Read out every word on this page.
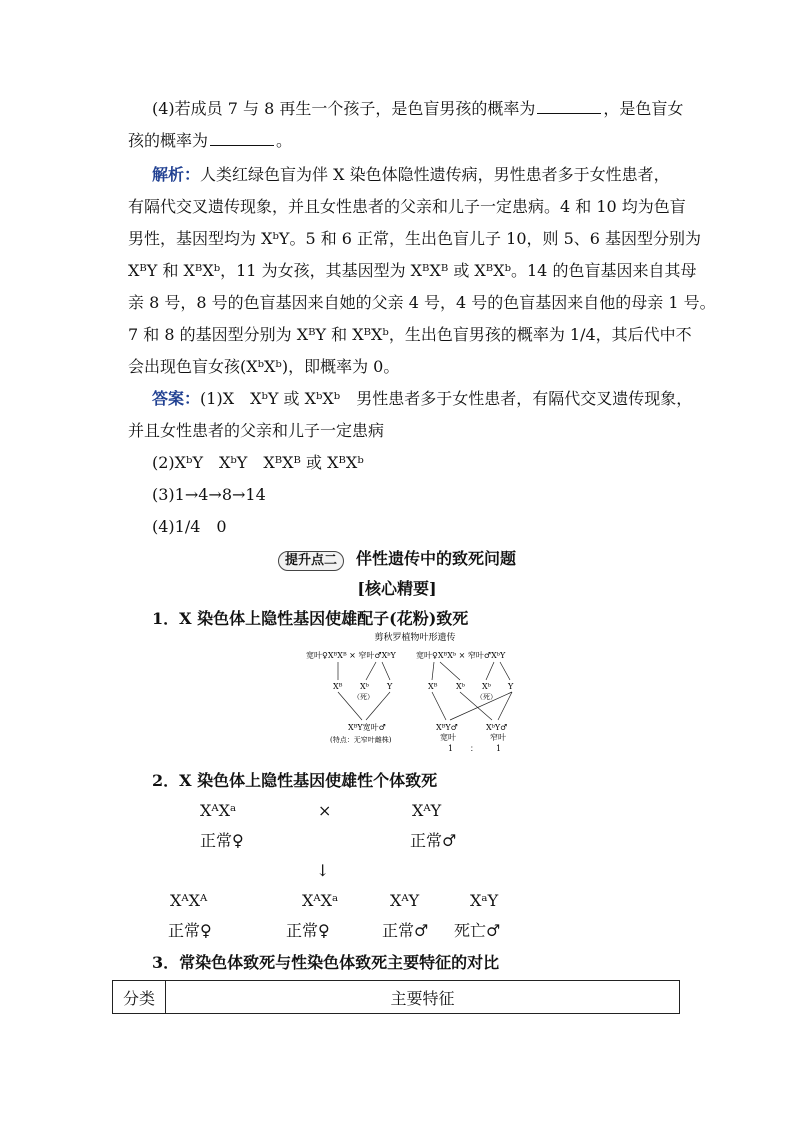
(4)若成员 7 与 8 再生一个孩子，是色盲男孩的概率为	，是色盲女
孩的概率为	。
解析：人类红绿色盲为伴 X 染色体隐性遗传病，男性患者多于女性患者，
有隔代交叉遗传现象，并且女性患者的父亲和儿子一定患病。4 和 10 均为色盲
男性，基因型均为 XᵇY。5 和 6 正常，生出色盲儿子 10，则 5、6 基因型分别为
XᴮY 和 XᴮXᵇ，11 为女孩，其基因型为 XᴮXᴮ 或 XᴮXᵇ。14 的色盲基因来自其母
亲 8 号，8 号的色盲基因来自她的父亲 4 号，4 号的色盲基因来自他的母亲 1 号。
7 和 8 的基因型分别为 XᴮY 和 XᴮXᵇ，生出色盲男孩的概率为 1/4，其后代中不
会出现色盲女孩(XᵇXᵇ)，即概率为 0。
答案：(1)X　XᵇY 或 XᵇXᵇ　男性患者多于女性患者，有隔代交叉遗传现象，
并且女性患者的父亲和儿子一定患病
(2)XᵇY　XᵇY　XᴮXᴮ 或 XᴮXᵇ
(3)1→4→8→14
(4)1/4　0
提升点二 伴性遗传中的致死问题
[核心精要]
1．X 染色体上隐性基因使雄配子(花粉)致死
剪秋罗植物叶形遗传
宽叶♀XᴮXᴮ × 窄叶♂XᵇY
Xᴮ Xᵇ
（死）
Y
XᴮY宽叶♂
(特点：无窄叶雌株)
宽叶♀XᴮXᵇ × 窄叶♂XᵇY
Xᴮ Xᵇ Xᵇ
（死）
Y
XᴮY♂
宽叶
XᵇY♂
窄叶
1 ： 1
2．X 染色体上隐性基因使雄性个体致死
XᴬXᵃ	×	XᴬY
正常♀	正常♂
↓
XᴬXᴬ	XᴬXᵃ	XᴬY	XᵃY
正常♀	正常♀	正常♂ 死亡♂
3．常染色体致死与性染色体致死主要特征的对比
分类	主要特征
